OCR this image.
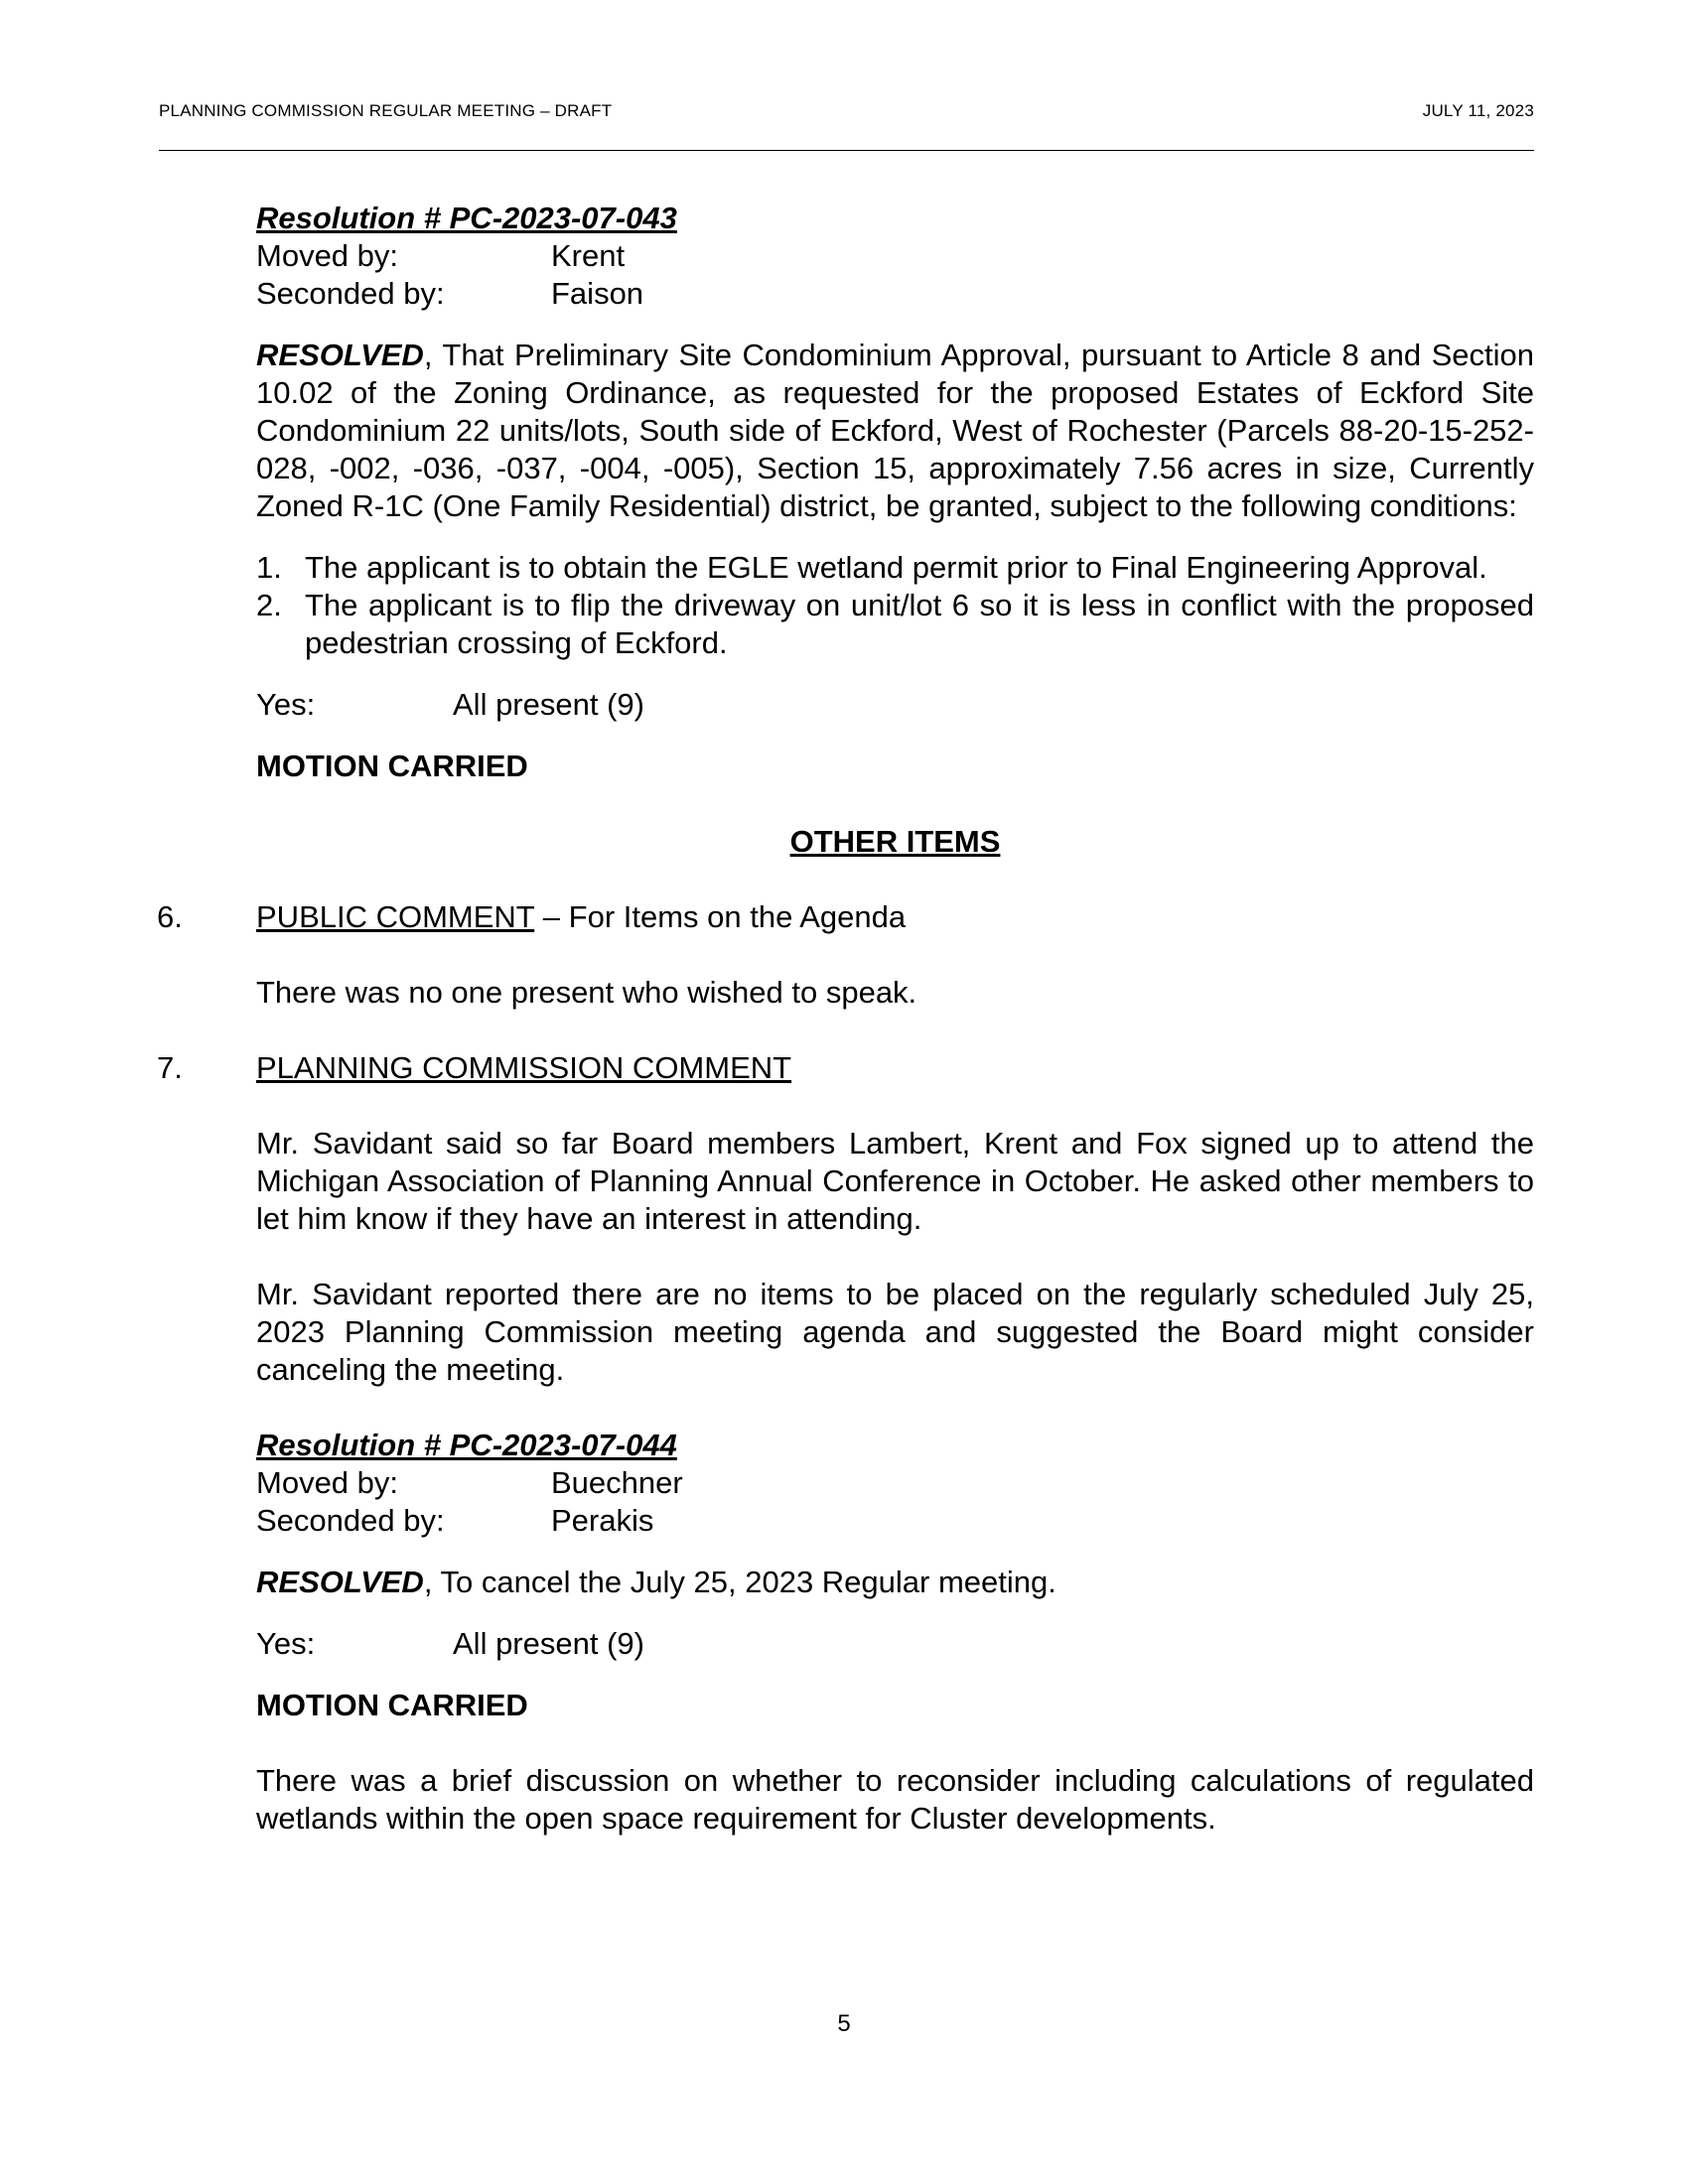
PLANNING COMMISSION REGULAR MEETING – DRAFT	JULY 11, 2023
Resolution # PC-2023-07-043
Moved by:	Krent
Seconded by:	Faison
RESOLVED, That Preliminary Site Condominium Approval, pursuant to Article 8 and Section 10.02 of the Zoning Ordinance, as requested for the proposed Estates of Eckford Site Condominium 22 units/lots, South side of Eckford, West of Rochester (Parcels 88-20-15-252-028, -002, -036, -037, -004, -005), Section 15, approximately 7.56 acres in size, Currently Zoned R-1C (One Family Residential) district, be granted, subject to the following conditions:
1. The applicant is to obtain the EGLE wetland permit prior to Final Engineering Approval.
2. The applicant is to flip the driveway on unit/lot 6 so it is less in conflict with the proposed pedestrian crossing of Eckford.
Yes:	All present (9)
MOTION CARRIED
OTHER ITEMS
6.	PUBLIC COMMENT – For Items on the Agenda
There was no one present who wished to speak.
7.	PLANNING COMMISSION COMMENT
Mr. Savidant said so far Board members Lambert, Krent and Fox signed up to attend the Michigan Association of Planning Annual Conference in October. He asked other members to let him know if they have an interest in attending.
Mr. Savidant reported there are no items to be placed on the regularly scheduled July 25, 2023 Planning Commission meeting agenda and suggested the Board might consider canceling the meeting.
Resolution # PC-2023-07-044
Moved by:	Buechner
Seconded by:	Perakis
RESOLVED, To cancel the July 25, 2023 Regular meeting.
Yes:	All present (9)
MOTION CARRIED
There was a brief discussion on whether to reconsider including calculations of regulated wetlands within the open space requirement for Cluster developments.
5
